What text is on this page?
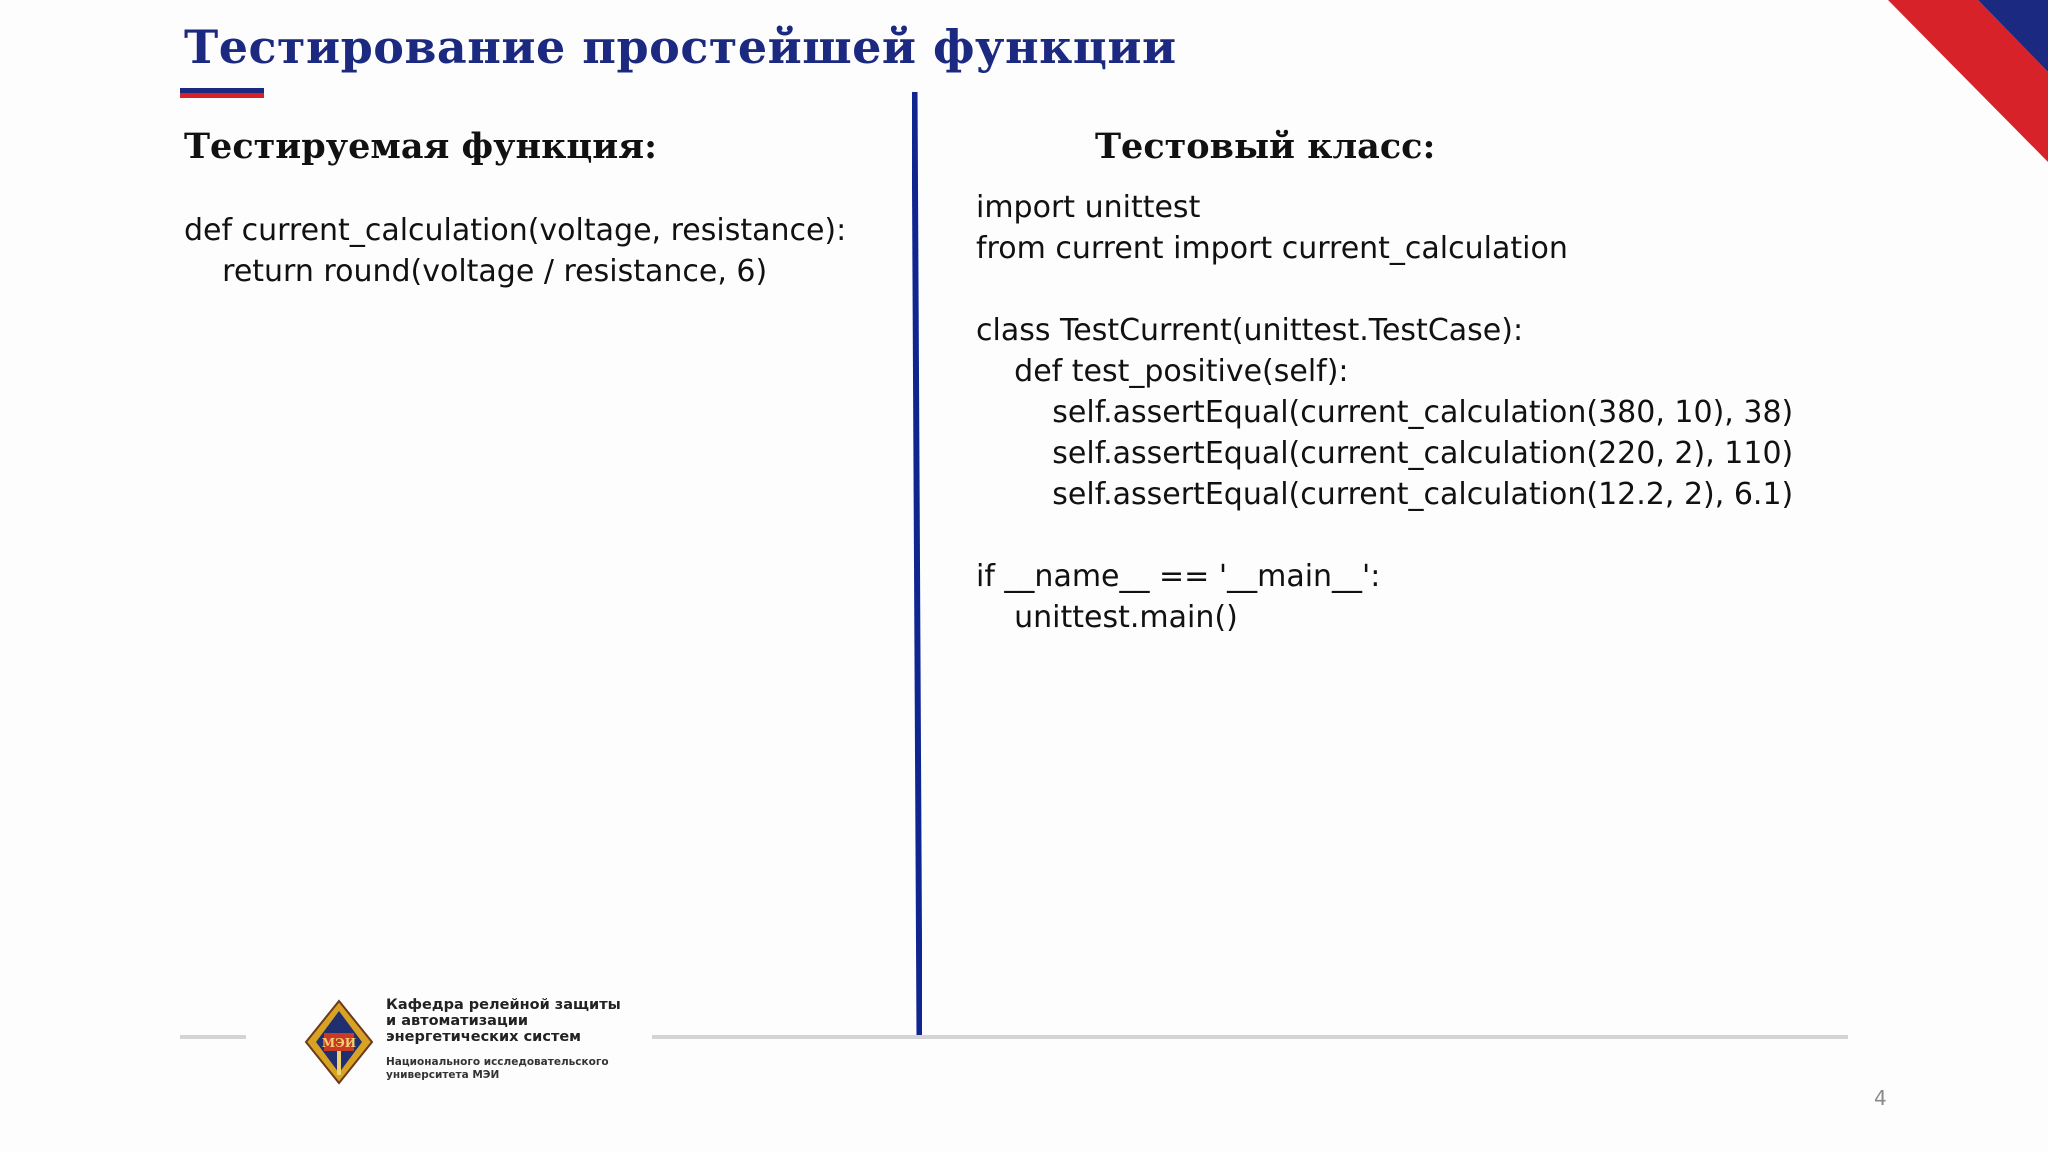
Тестирование простейшей функции
Тестируемая функция:
def current_calculation(voltage, resistance):
return round(voltage / resistance, 6)
Тестовый класс:
import unittest
from current import current_calculation

class TestCurrent(unittest.TestCase):
def test_positive(self):
self.assertEqual(current_calculation(380, 10), 38)
self.assertEqual(current_calculation(220, 2), 110)
self.assertEqual(current_calculation(12.2, 2), 6.1)

if __name__ == '__main__':
unittest.main()
МЭИ
Кафедра релейной защиты
и автоматизации
энергетических систем
Национального исследовательского
университета МЭИ
4
